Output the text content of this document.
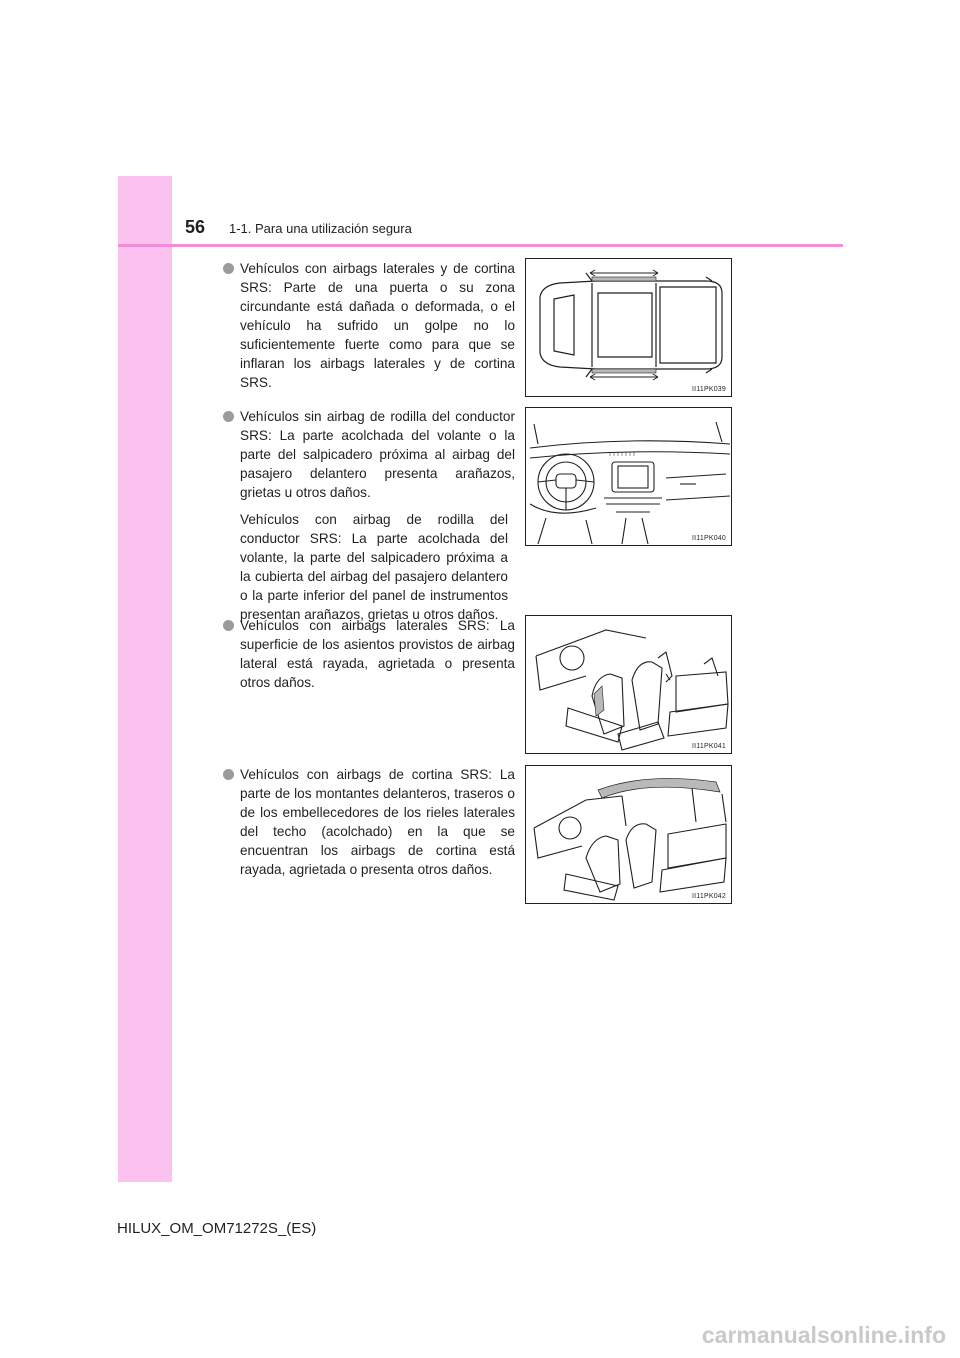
56 1-1. Para una utilización segura

Vehículos con airbags laterales y de cortina SRS: Parte de una puerta o su zona circundante está dañada o deformada, o el vehículo ha sufrido un golpe no lo suficientemente fuerte como para que se inflaran los airbags laterales y de cortina SRS.	II11PK039

Vehículos sin airbag de rodilla del conductor SRS: La parte acolchada del volante o la parte del salpicadero próxima al airbag del pasajero delantero presenta arañazos, grietas u otros daños.

Vehículos con airbag de rodilla del conductor SRS: La parte acolchada del volante, la parte del salpicadero próxima a la cubierta del airbag del pasajero delantero o la parte inferior del panel de instrumentos presentan arañazos, grietas u otros daños.

II11PK040

Vehículos con airbags laterales SRS: La superficie de los asientos provistos de airbag lateral está rayada, agrietada o presenta otros daños.

II11PK041

Vehículos con airbags de cortina SRS: La parte de los montantes delanteros, traseros o de los embellecedores de los rieles laterales del techo (acolchado) en la que se encuentran los airbags de cortina está rayada, agrietada o presenta otros daños.

II11PK042
HILUX_OM_OM71272S_(ES)
carmanualsonline.info
